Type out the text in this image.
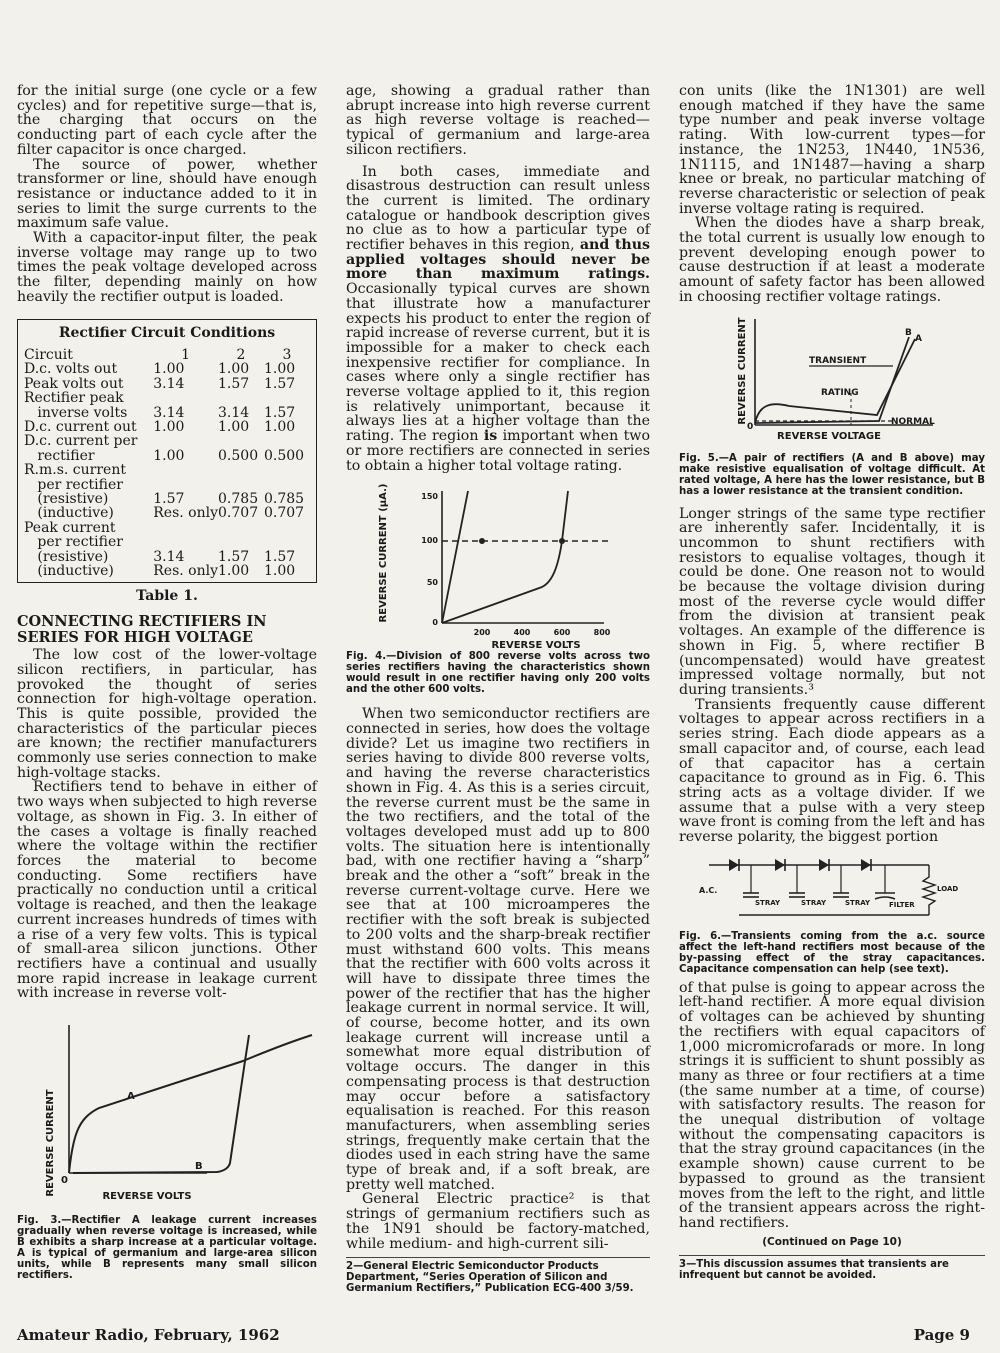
for the initial surge (one cycle or a few cycles) and for repetitive surge—that is, the charging that occurs on the conducting part of each cycle after the filter capacitor is once charged.

The source of power, whether transformer or line, should have enough resistance or inductance added to it in series to limit the surge currents to the maximum safe value.

With a capacitor-input filter, the peak inverse voltage may range up to two times the peak voltage developed across the filter, depending mainly on how heavily the rectifier output is loaded.

Rectifier Circuit Conditions
Circuit	1	2	3
D.c. volts out	1.00	1.00	1.00
Peak volts out	3.14	1.57	1.57
Rectifier peak			
inverse volts	3.14	3.14	1.57
D.c. current out	1.00	1.00	1.00
D.c. current per			
rectifier	1.00	0.500	0.500
R.m.s. current			
per rectifier			
(resistive)	1.57	0.785	0.785
(inductive)	Res. only	0.707	0.707
Peak current			
per rectifier			
(resistive)	3.14	1.57	1.57
(inductive)	Res. only	1.00	1.00
Table 1.
CONNECTING RECTIFIERS IN SERIES FOR HIGH VOLTAGE

The low cost of the lower-voltage silicon rectifiers, in particular, has provoked the thought of series connection for high-voltage operation. This is quite possible, provided the characteristics of the particular pieces are known; the rectifier manufacturers commonly use series connection to make high-voltage stacks.

Rectifiers tend to behave in either of two ways when subjected to high reverse voltage, as shown in Fig. 3. In either of the cases a voltage is finally reached where the voltage within the rectifier forces the material to become conducting. Some rectifiers have practically no conduction until a critical voltage is reached, and then the leakage current increases hundreds of times with a rise of a very few volts. This is typical of small-area silicon junctions. Other rectifiers have a continual and usually more rapid increase in leakage current with increase in reverse volt-

REVERSE CURRENT	REVERSE VOLTS
0
A
B
Fig. 3.—Rectifier A leakage current increases gradually when reverse voltage is increased, while B exhibits a sharp increase at a particular voltage. A is typical of germanium and large-area silicon units, while B represents many small silicon rectifiers.

age, showing a gradual rather than abrupt increase into high reverse current as high reverse voltage is reached—typical of germanium and large-area silicon rectifiers.

In both cases, immediate and disastrous destruction can result unless the current is limited. The ordinary catalogue or handbook description gives no clue as to how a particular type of rectifier behaves in this region, and thus applied voltages should never be more than maximum ratings. Occasionally typical curves are shown that illustrate how a manufacturer expects his product to enter the region of rapid increase of reverse current, but it is impossible for a maker to check each inexpensive rectifier for compliance. In cases where only a single rectifier has reverse voltage applied to it, this region is relatively unimportant, because it always lies at a higher voltage than the rating. The region is important when two or more rectifiers are connected in series to obtain a higher total voltage rating.

REVERSE CURRENT (µA.)	150
100
50
0
200	400	600	800
REVERSE VOLTS
Fig. 4.—Division of 800 reverse volts across two series rectifiers having the characteristics shown would result in one rectifier having only 200 volts and the other 600 volts.

When two semiconductor rectifiers are connected in series, how does the voltage divide? Let us imagine two rectifiers in series having to divide 800 reverse volts, and having the reverse characteristics shown in Fig. 4. As this is a series circuit, the reverse current must be the same in the two rectifiers, and the total of the voltages developed must add up to 800 volts. The situation here is intentionally bad, with one rectifier having a “sharp” break and the other a “soft” break in the reverse current-voltage curve. Here we see that at 100 microamperes the rectifier with the soft break is subjected to 200 volts and the sharp-break rectifier must withstand 600 volts. This means that the rectifier with 600 volts across it will have to dissipate three times the power of the rectifier that has the higher leakage current in normal service. It will, of course, become hotter, and its own leakage current will increase until a somewhat more equal distribution of voltage occurs. The danger in this compensating process is that destruction may occur before a satisfactory equalisation is reached. For this reason manufacturers, when assembling series strings, frequently make certain that the diodes used in each string have the same type of break and, if a soft break, are pretty well matched.

General Electric practice² is that strings of germanium rectifiers such as the 1N91 should be factory-matched, while medium- and high-current sili-

2—General Electric Semiconductor Products Department, “Series Operation of Silicon and Germanium Rectifiers,” Publication ECG-400 3/59.

con units (like the 1N1301) are well enough matched if they have the same type number and peak inverse voltage rating. With low-current types—for instance, the 1N253, 1N440, 1N536, 1N1115, and 1N1487—having a sharp knee or break, no particular matching of reverse characteristic or selection of peak inverse voltage rating is required.

When the diodes have a sharp break, the total current is usually low enough to prevent developing enough power to cause destruction if at least a moderate amount of safety factor has been allowed in choosing rectifier voltage ratings.

REVERSE CURRENT
REVERSE VOLTAGE
0
TRANSIENT
RATING
NORMAL
B
A
Fig. 5.—A pair of rectifiers (A and B above) may make resistive equalisation of voltage difficult. At rated voltage, A here has the lower resistance, but B has a lower resistance at the transient condition.

Longer strings of the same type rectifier are inherently safer. Incidentally, it is uncommon to shunt rectifiers with resistors to equalise voltages, though it could be done. One reason not to would be because the voltage division during most of the reverse cycle would differ from the division at transient peak voltages. An example of the difference is shown in Fig. 5, where rectifier B (uncompensated) would have greatest impressed voltage normally, but not during transients.³

Transients frequently cause different voltages to appear across rectifiers in a series string. Each diode appears as a small capacitor and, of course, each lead of that capacitor has a certain capacitance to ground as in Fig. 6. This string acts as a voltage divider. If we assume that a pulse with a very steep wave front is coming from the left and has reverse polarity, the biggest portion

A.C.
STRAY	STRAY	STRAY	FILTER
LOAD
Fig. 6.—Transients coming from the a.c. source affect the left-hand rectifiers most because of the by-passing effect of the stray capacitances. Capacitance compensation can help (see text).

of that pulse is going to appear across the left-hand rectifier. A more equal division of voltages can be achieved by shunting the rectifiers with equal capacitors of 1,000 micromicrofarads or more. In long strings it is sufficient to shunt possibly as many as three or four rectifiers at a time (the same number at a time, of course) with satisfactory results. The reason for the unequal distribution of voltage without the compensating capacitors is that the stray ground capacitances (in the example shown) cause current to be bypassed to ground as the transient moves from the left to the right, and little of the transient appears across the right-hand rectifiers.

(Continued on Page 10)
3—This discussion assumes that transients are infrequent but cannot be avoided.
Amateur Radio, February, 1962	Page 9
